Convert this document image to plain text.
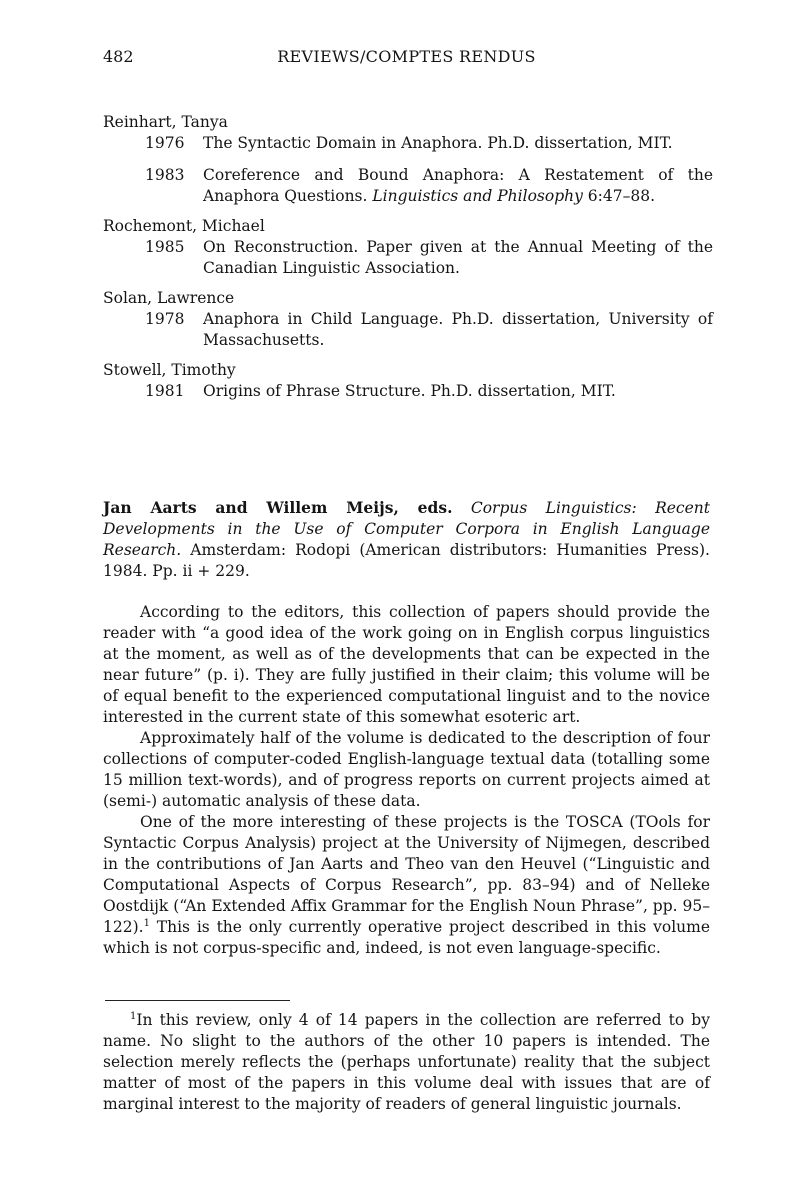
482	REVIEWS/COMPTES RENDUS
Reinhart, Tanya
1976	The Syntactic Domain in Anaphora. Ph.D. dissertation, MIT.
1983	Coreference and Bound Anaphora: A Restatement of the Anaphora Questions. Linguistics and Philosophy 6:47–88.
Rochemont, Michael
1985	On Reconstruction. Paper given at the Annual Meeting of the Canadian Linguistic Association.
Solan, Lawrence
1978	Anaphora in Child Language. Ph.D. dissertation, University of Massachusetts.
Stowell, Timothy
1981	Origins of Phrase Structure. Ph.D. dissertation, MIT.

Jan Aarts and Willem Meijs, eds. Corpus Linguistics: Recent Developments in the Use of Computer Corpora in English Language Research. Amsterdam: Rodopi (American distributors: Humanities Press). 1984. Pp. ii + 229.

According to the editors, this collection of papers should provide the reader with “a good idea of the work going on in English corpus linguistics at the moment, as well as of the developments that can be expected in the near future” (p. i). They are fully justified in their claim; this volume will be of equal benefit to the experienced computational linguist and to the novice interested in the current state of this somewhat esoteric art.

Approximately half of the volume is dedicated to the description of four collections of computer-coded English-language textual data (totalling some 15 million text-words), and of progress reports on current projects aimed at (semi-) automatic analysis of these data.

One of the more interesting of these projects is the TOSCA (TOols for Syntactic Corpus Analysis) project at the University of Nijmegen, described in the contributions of Jan Aarts and Theo van den Heuvel (“Linguistic and Computational Aspects of Corpus Research”, pp. 83–94) and of Nelleke Oostdijk (“An Extended Affix Grammar for the English Noun Phrase”, pp. 95–122).$^1$ This is the only currently operative project described in this volume which is not corpus-specific and, indeed, is not even language-specific.

$^1$In this review, only 4 of 14 papers in the collection are referred to by name. No slight to the authors of the other 10 papers is intended. The selection merely reflects the (perhaps unfortunate) reality that the subject matter of most of the papers in this volume deal with issues that are of marginal interest to the majority of readers of general linguistic journals.
